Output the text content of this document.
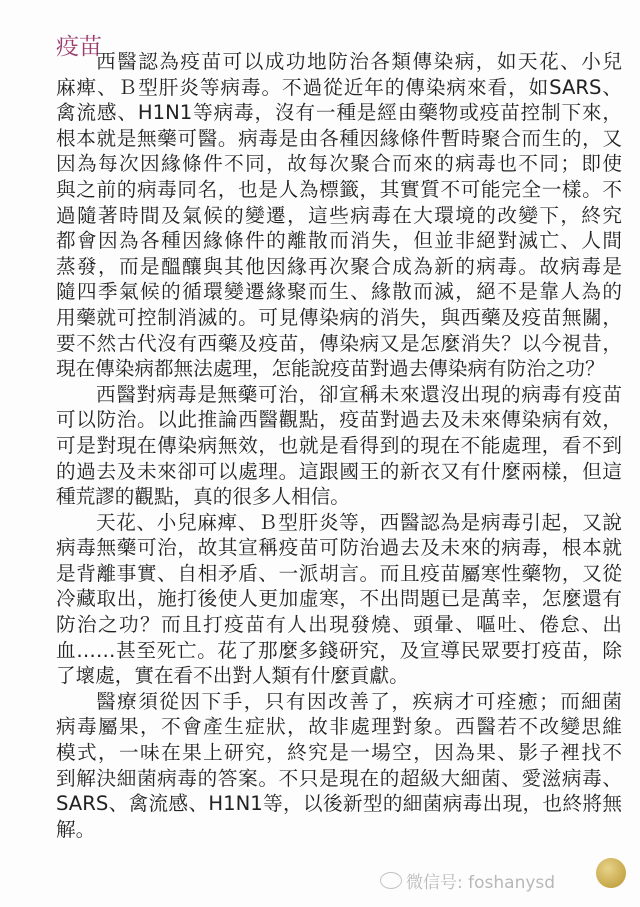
疫苗
西醫認為疫苗可以成功地防治各類傳染病，如天花、小兒
麻痺、Ｂ型肝炎等病毒。不過從近年的傳染病來看，如SARS、
禽流感、H1N1等病毒，沒有一種是經由藥物或疫苗控制下來，
根本就是無藥可醫。病毒是由各種因緣條件暫時聚合而生的，又
因為每次因緣條件不同，故每次聚合而來的病毒也不同；即使
與之前的病毒同名，也是人為標籤，其實質不可能完全一樣。不
過隨著時間及氣候的變遷，這些病毒在大環境的改變下，終究
都會因為各種因緣條件的離散而消失，但並非絕對滅亡、人間
蒸發，而是醞釀與其他因緣再次聚合成為新的病毒。故病毒是
隨四季氣候的循環變遷緣聚而生、緣散而滅，絕不是靠人為的
用藥就可控制消滅的。可見傳染病的消失，與西藥及疫苗無關，
要不然古代沒有西藥及疫苗，傳染病又是怎麼消失？以今視昔，
現在傳染病都無法處理，怎能說疫苗對過去傳染病有防治之功？
西醫對病毒是無藥可治，卻宣稱未來還沒出現的病毒有疫苗
可以防治。以此推論西醫觀點，疫苗對過去及未來傳染病有效，
可是對現在傳染病無效，也就是看得到的現在不能處理，看不到
的過去及未來卻可以處理。這跟國王的新衣又有什麼兩樣，但這
種荒謬的觀點，真的很多人相信。
天花、小兒麻痺、Ｂ型肝炎等，西醫認為是病毒引起，又說
病毒無藥可治，故其宣稱疫苗可防治過去及未來的病毒，根本就
是背離事實、自相矛盾、一派胡言。而且疫苗屬寒性藥物，又從
冷藏取出，施打後使人更加虛寒，不出問題已是萬幸，怎麼還有
防治之功？而且打疫苗有人出現發燒、頭暈、嘔吐、倦怠、出
血……甚至死亡。花了那麼多錢研究，及宣導民眾要打疫苗，除
了壞處，實在看不出對人類有什麼貢獻。
醫療須從因下手，只有因改善了，疾病才可痊癒；而細菌
病毒屬果，不會產生症狀，故非處理對象。西醫若不改變思維
模式，一味在果上研究，終究是一場空，因為果、影子裡找不
到解決細菌病毒的答案。不只是現在的超級大細菌、愛滋病毒、
SARS、禽流感、H1N1等，以後新型的細菌病毒出現，也終將無
解。
微信号: foshanysd
